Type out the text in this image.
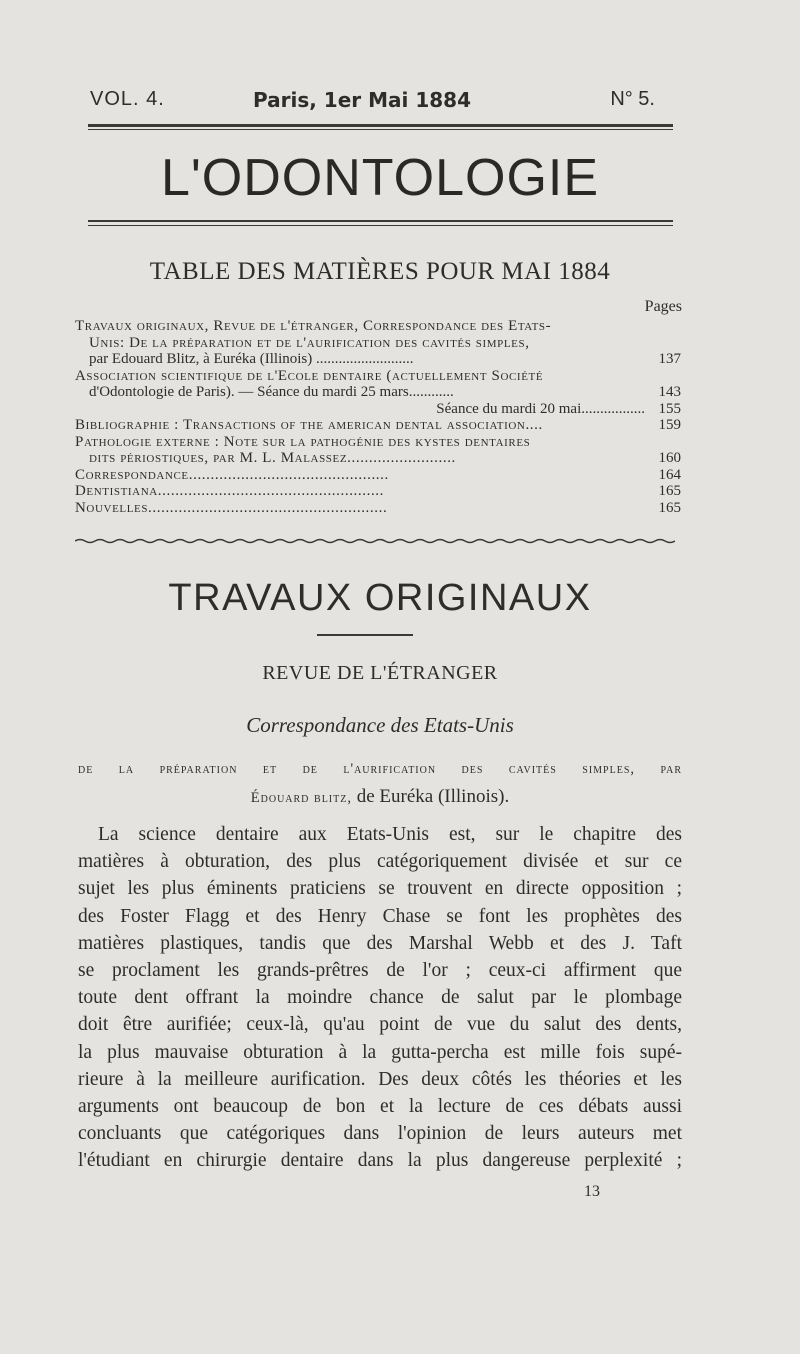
VOL. 4.	Paris, 1er Mai 1884	N° 5.
L'ODONTOLOGIE
TABLE DES MATIÈRES POUR MAI 1884
Pages
Travaux originaux, Revue de l'étranger, Correspondance des Etats-
Unis: De la préparation et de l'aurification des cavités simples,
par Edouard Blitz, à Euréka (Illinois) ..........................	137
Association scientifique de l'Ecole dentaire (actuellement Société
d'Odontologie de Paris). — Séance du mardi 25 mars............	143
Séance du mardi 20 mai................. 155
Bibliographie : Transactions of the american dental association....	159
Pathologie externe : Note sur la pathogénie des kystes dentaires
dits périostiques, par M. L. Malassez.........................	160
Correspondance..............................................	164
Dentistiana....................................................	165
Nouvelles.......................................................	165
TRAVAUX ORIGINAUX
REVUE DE L'ÉTRANGER
Correspondance des Etats-Unis
de la préparation et de l'aurification des cavités simples, par
Édouard blitz, de Euréka (Illinois).
La science dentaire aux Etats-Unis est, sur le chapitre des
matières à obturation, des plus catégoriquement divisée et sur ce
sujet les plus éminents praticiens se trouvent en directe opposition ;
des Foster Flagg et des Henry Chase se font les prophètes des
matières plastiques, tandis que des Marshal Webb et des J. Taft
se proclament les grands-prêtres de l'or ; ceux-ci affirment que
toute dent offrant la moindre chance de salut par le plombage
doit être aurifiée; ceux-là, qu'au point de vue du salut des dents,
la plus mauvaise obturation à la gutta-percha est mille fois supé-
rieure à la meilleure aurification. Des deux côtés les théories et les
arguments ont beaucoup de bon et la lecture de ces débats aussi
concluants que catégoriques dans l'opinion de leurs auteurs met
l'étudiant en chirurgie dentaire dans la plus dangereuse perplexité ;
13
